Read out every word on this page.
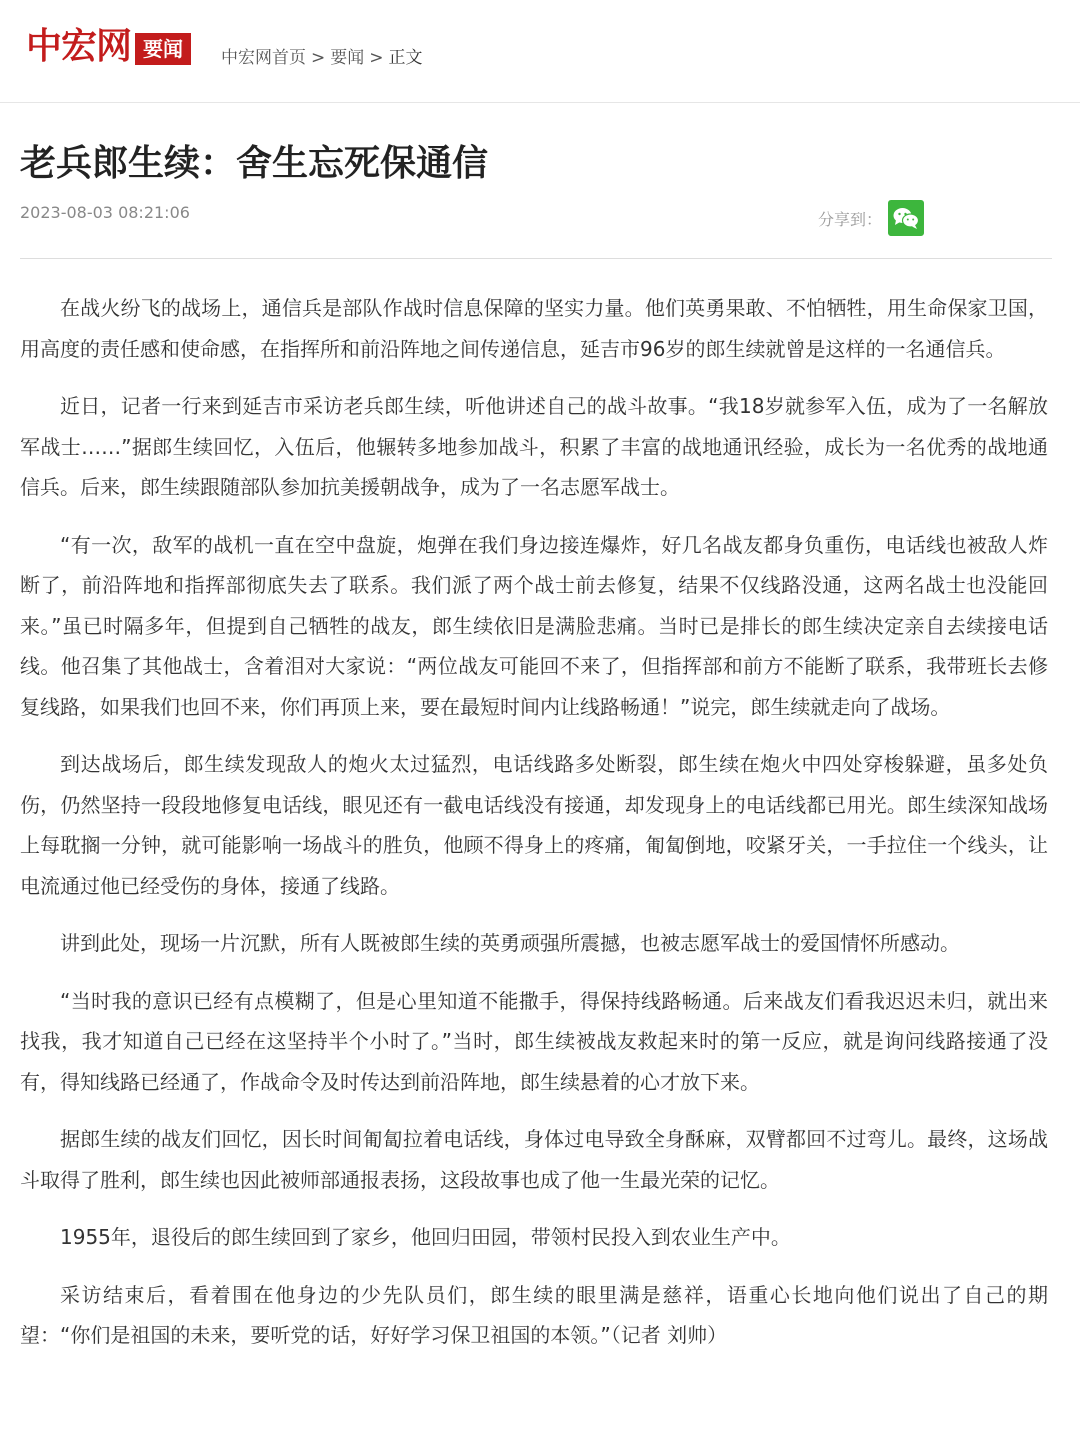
中宏网 要闻	中宏网首页 > 要闻 > 正文
老兵郎生续：舍生忘死保通信
2023-08-03 08:21:06	分享到：

在战火纷飞的战场上，通信兵是部队作战时信息保障的坚实力量。他们英勇果敢、不怕牺牲，用生命保家卫国，用高度的责任感和使命感，在指挥所和前沿阵地之间传递信息，延吉市96岁的郎生续就曾是这样的一名通信兵。

近日，记者一行来到延吉市采访老兵郎生续，听他讲述自己的战斗故事。“我18岁就参军入伍，成为了一名解放军战士……”据郎生续回忆，入伍后，他辗转多地参加战斗，积累了丰富的战地通讯经验，成长为一名优秀的战地通信兵。后来，郎生续跟随部队参加抗美援朝战争，成为了一名志愿军战士。

“有一次，敌军的战机一直在空中盘旋，炮弹在我们身边接连爆炸，好几名战友都身负重伤，电话线也被敌人炸断了，前沿阵地和指挥部彻底失去了联系。我们派了两个战士前去修复，结果不仅线路没通，这两名战士也没能回来。”虽已时隔多年，但提到自己牺牲的战友，郎生续依旧是满脸悲痛。当时已是排长的郎生续决定亲自去续接电话线。他召集了其他战士，含着泪对大家说：“两位战友可能回不来了，但指挥部和前方不能断了联系，我带班长去修复线路，如果我们也回不来，你们再顶上来，要在最短时间内让线路畅通！”说完，郎生续就走向了战场。

到达战场后，郎生续发现敌人的炮火太过猛烈，电话线路多处断裂，郎生续在炮火中四处穿梭躲避，虽多处负伤，仍然坚持一段段地修复电话线，眼见还有一截电话线没有接通，却发现身上的电话线都已用光。郎生续深知战场上每耽搁一分钟，就可能影响一场战斗的胜负，他顾不得身上的疼痛，匍匐倒地，咬紧牙关，一手拉住一个线头，让电流通过他已经受伤的身体，接通了线路。

讲到此处，现场一片沉默，所有人既被郎生续的英勇顽强所震撼，也被志愿军战士的爱国情怀所感动。

“当时我的意识已经有点模糊了，但是心里知道不能撒手，得保持线路畅通。后来战友们看我迟迟未归，就出来找我，我才知道自己已经在这坚持半个小时了。”当时，郎生续被战友救起来时的第一反应，就是询问线路接通了没有，得知线路已经通了，作战命令及时传达到前沿阵地，郎生续悬着的心才放下来。

据郎生续的战友们回忆，因长时间匍匐拉着电话线，身体过电导致全身酥麻，双臂都回不过弯儿。最终，这场战斗取得了胜利，郎生续也因此被师部通报表扬，这段故事也成了他一生最光荣的记忆。

1955年，退役后的郎生续回到了家乡，他回归田园，带领村民投入到农业生产中。

采访结束后，看着围在他身边的少先队员们，郎生续的眼里满是慈祥，语重心长地向他们说出了自己的期望：“你们是祖国的未来，要听党的话，好好学习保卫祖国的本领。”（记者 刘帅）
